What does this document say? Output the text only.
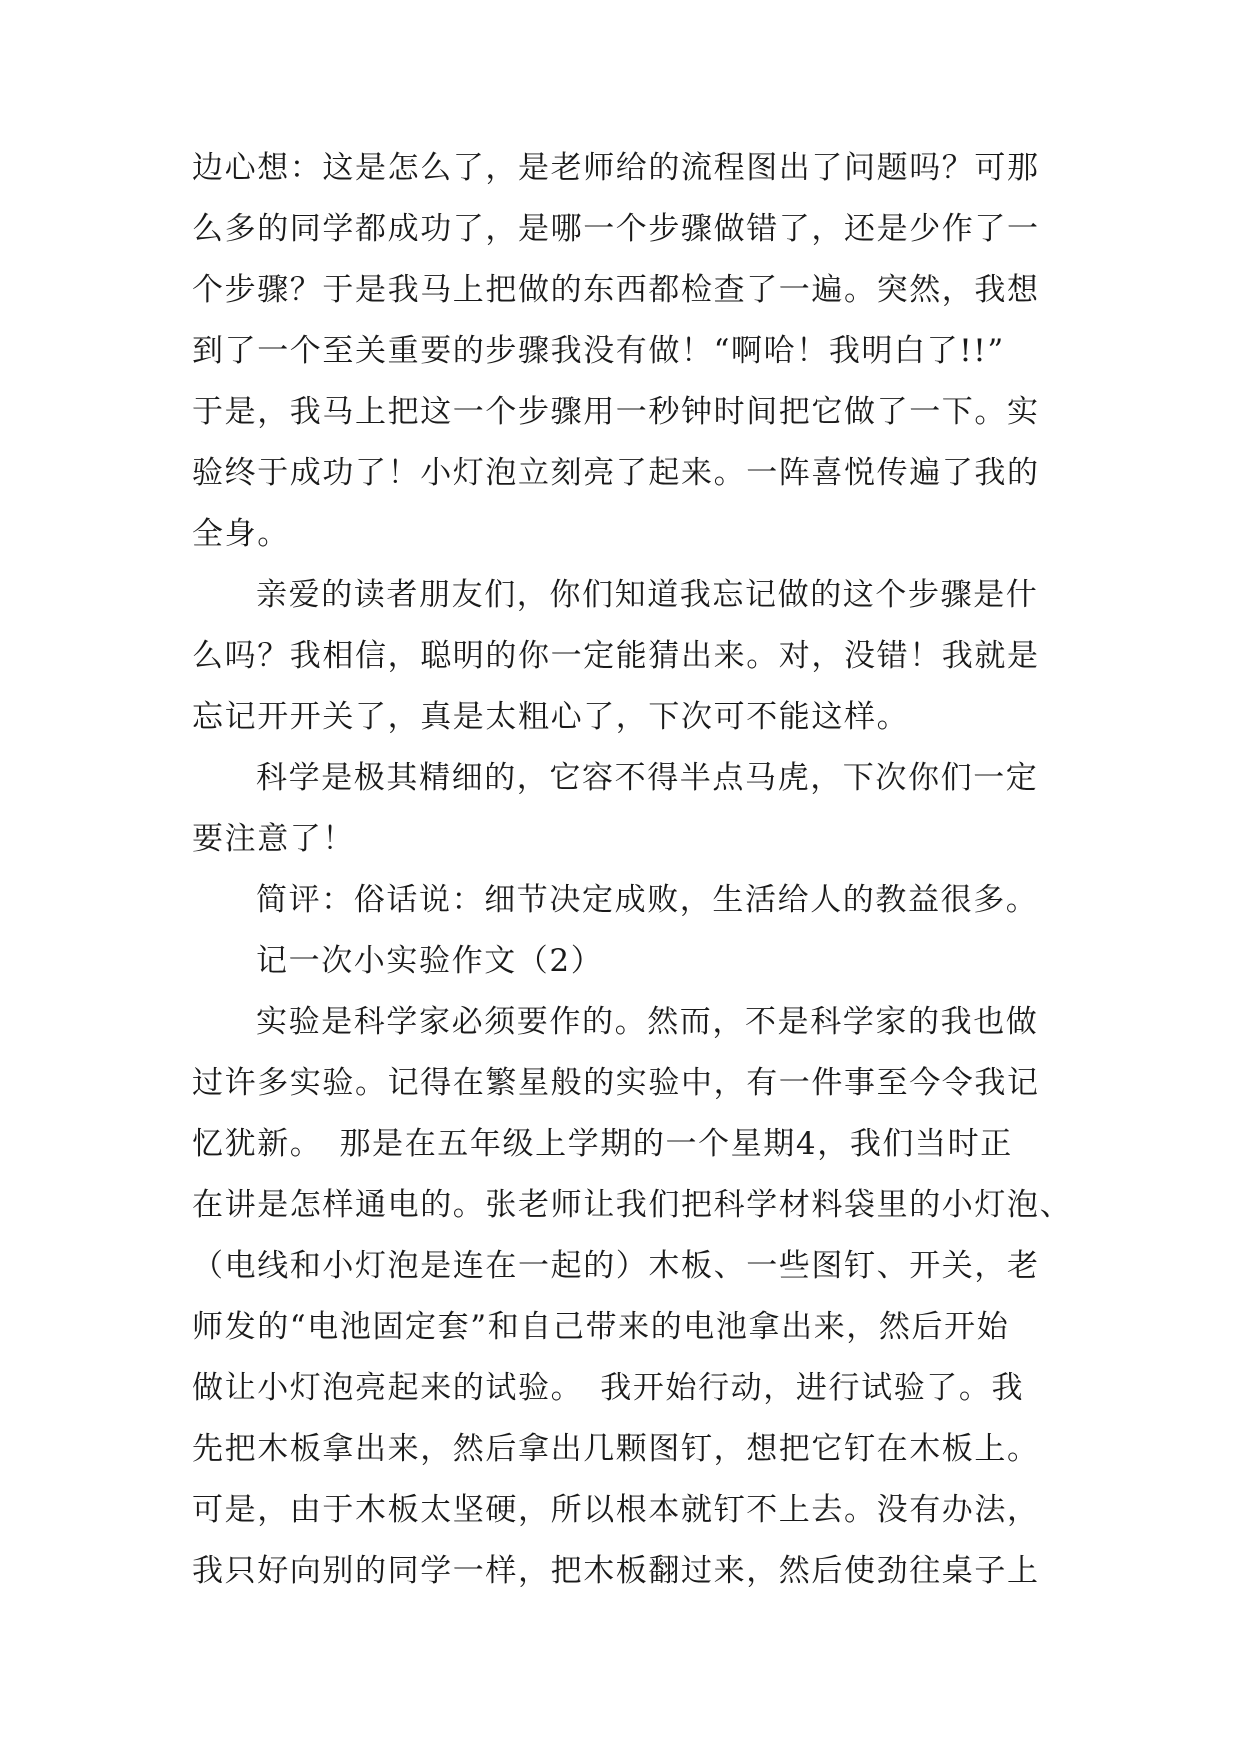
边心想：这是怎么了，是老师给的流程图出了问题吗？可那
么多的同学都成功了，是哪一个步骤做错了，还是少作了一
个步骤？于是我马上把做的东西都检查了一遍。突然，我想
到了一个至关重要的步骤我没有做！“啊哈！我明白了!!”
于是，我马上把这一个步骤用一秒钟时间把它做了一下。实
验终于成功了！小灯泡立刻亮了起来。一阵喜悦传遍了我的
全身。
亲爱的读者朋友们，你们知道我忘记做的这个步骤是什
么吗？我相信，聪明的你一定能猜出来。对，没错！我就是
忘记开开关了，真是太粗心了，下次可不能这样。
科学是极其精细的，它容不得半点马虎，下次你们一定
要注意了！
简评：俗话说：细节决定成败，生活给人的教益很多。
记一次小实验作文（2）
实验是科学家必须要作的。然而，不是科学家的我也做
过许多实验。记得在繁星般的实验中，有一件事至今令我记
忆犹新。　那是在五年级上学期的一个星期4，我们当时正
在讲是怎样通电的。张老师让我们把科学材料袋里的小灯泡、
（电线和小灯泡是连在一起的）木板、一些图钉、开关，老
师发的“电池固定套”和自己带来的电池拿出来，然后开始
做让小灯泡亮起来的试验。　我开始行动，进行试验了。我
先把木板拿出来，然后拿出几颗图钉，想把它钉在木板上。
可是，由于木板太坚硬，所以根本就钉不上去。没有办法，
我只好向别的同学一样，把木板翻过来，然后使劲往桌子上
